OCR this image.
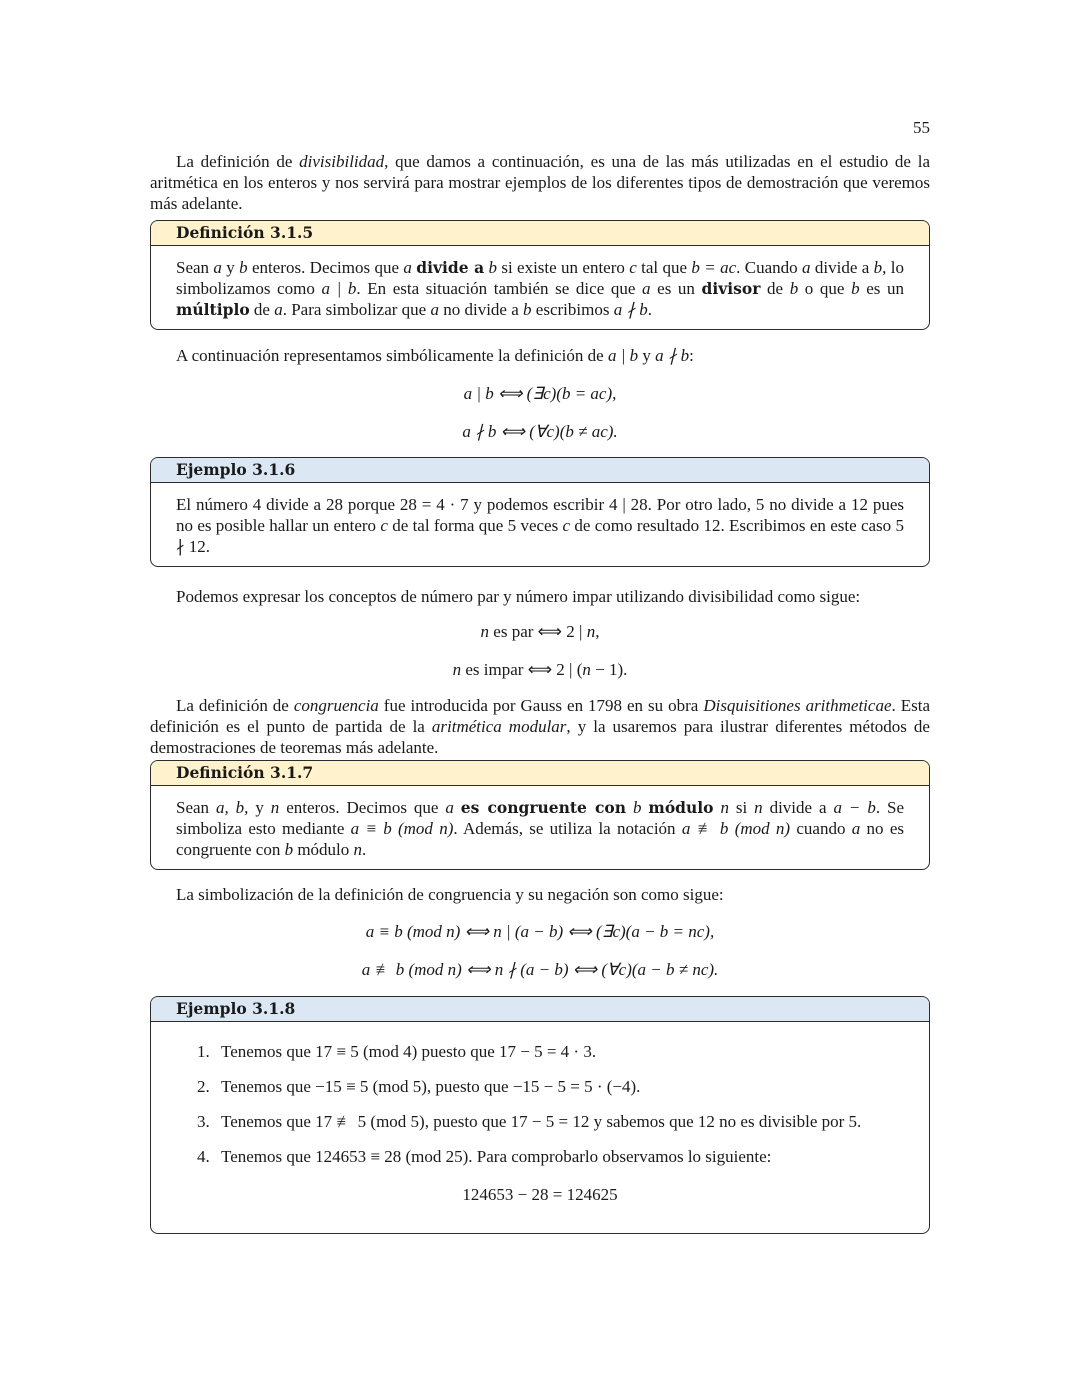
55

La definición de divisibilidad, que damos a continuación, es una de las más utilizadas en el estudio de la aritmética en los enteros y nos servirá para mostrar ejemplos de los diferentes tipos de demostración que veremos más adelante.

Definición 3.1.5

Sean a y b enteros. Decimos que a divide a b si existe un entero c tal que b = ac. Cuando a divide a b, lo simbolizamos como a | b. En esta situación también se dice que a es un divisor de b o que b es un múltiplo de a. Para simbolizar que a no divide a b escribimos a ∤ b.

A continuación representamos simbólicamente la definición de a | b y a ∤ b:

a | b ⟺ (∃c)(b = ac),
a ∤ b ⟺ (∀c)(b ≠ ac).
Ejemplo 3.1.6

El número 4 divide a 28 porque 28 = 4 · 7 y podemos escribir 4 | 28. Por otro lado, 5 no divide a 12 pues no es posible hallar un entero c de tal forma que 5 veces c de como resultado 12. Escribimos en este caso 5 ∤ 12.

Podemos expresar los conceptos de número par y número impar utilizando divisibilidad como sigue:

n es par ⟺ 2 | n,
n es impar ⟺ 2 | (n − 1).

La definición de congruencia fue introducida por Gauss en 1798 en su obra Disquisitiones arithmeticae. Esta definición es el punto de partida de la aritmética modular, y la usaremos para ilustrar diferentes métodos de demostraciones de teoremas más adelante.

Definición 3.1.7

Sean a, b, y n enteros. Decimos que a es congruente con b módulo n si n divide a a − b. Se simboliza esto mediante a ≡ b (mod n). Además, se utiliza la notación a ≢ b (mod n) cuando a no es congruente con b módulo n.

La simbolización de la definición de congruencia y su negación son como sigue:

a ≡ b (mod n) ⟺ n | (a − b) ⟺ (∃c)(a − b = nc),
a ≢ b (mod n) ⟺ n ∤ (a − b) ⟺ (∀c)(a − b ≠ nc).
Ejemplo 3.1.8
1. Tenemos que 17 ≡ 5 (mod 4) puesto que 17 − 5 = 4 · 3.
2. Tenemos que −15 ≡ 5 (mod 5), puesto que −15 − 5 = 5 · (−4).
3. Tenemos que 17 ≢ 5 (mod 5), puesto que 17 − 5 = 12 y sabemos que 12 no es divisible por 5.
4. Tenemos que 124653 ≡ 28 (mod 25). Para comprobarlo observamos lo siguiente:
124653 − 28 = 124625
